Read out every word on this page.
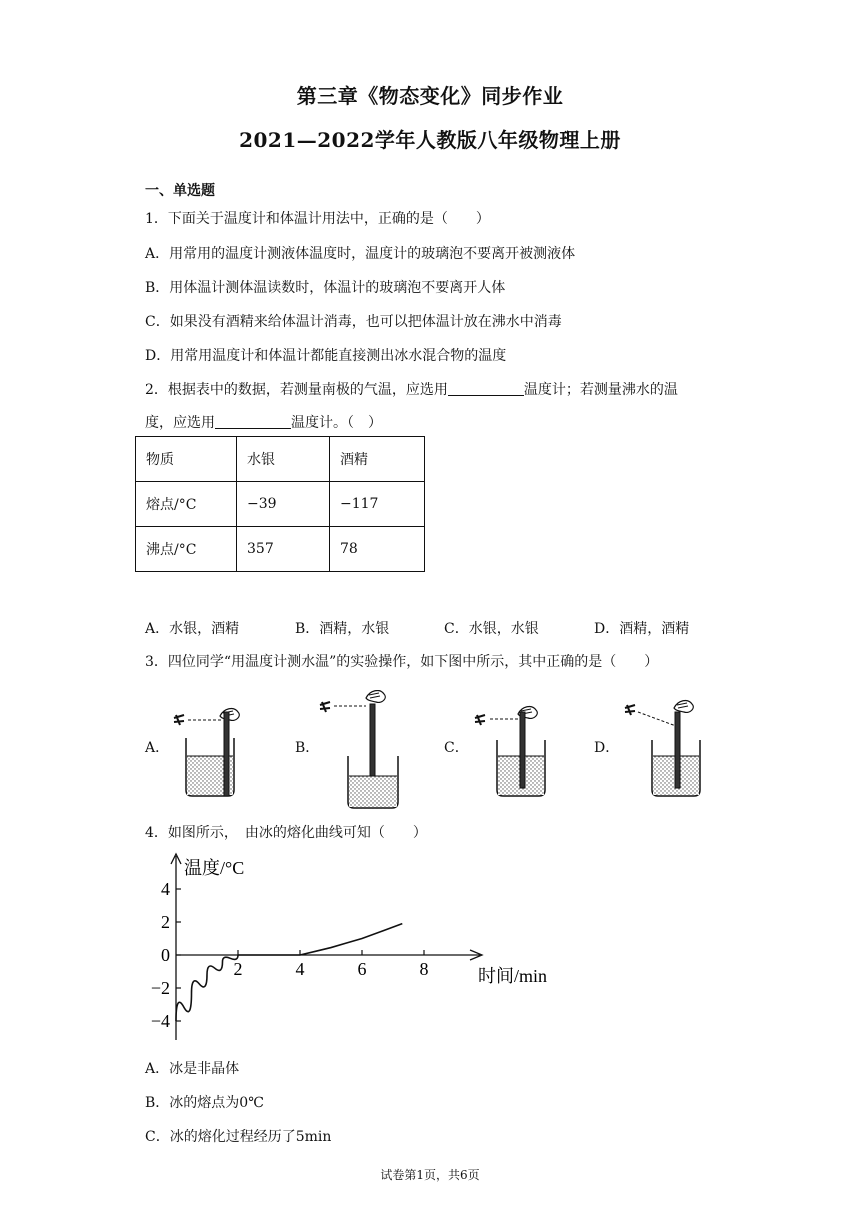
第三章《物态变化》同步作业
2021—2022学年人教版八年级物理上册
一、单选题
1．下面关于温度计和体温计用法中，正确的是（　　）
A．用常用的温度计测液体温度时，温度计的玻璃泡不要离开被测液体
B．用体温计测体温读数时，体温计的玻璃泡不要离开人体
C．如果没有酒精来给体温计消毒，也可以把体温计放在沸水中消毒
D．用常用温度计和体温计都能直接测出冰水混合物的温度
2．根据表中的数据，若测量南极的气温，应选用	温度计；若测量沸水的温
度，应选用	温度计。（　）
物质	水银	酒精
熔点/°C	−39	−117
沸点/°C	357	78
A．水银，酒精	B．酒精，水银	C．水银，水银	D．酒精，酒精
3．四位同学“用温度计测水温”的实验操作，如下图中所示，其中正确的是（　　）
A．	B．	C．	D．
4．如图所示，　由冰的熔化曲线可知（　　）
温度/°C
时间/min
4
2
0
−2
−4
2	4	6	8
A．冰是非晶体
B．冰的熔点为0℃
C．冰的熔化过程经历了5min
试卷第1页，共6页
